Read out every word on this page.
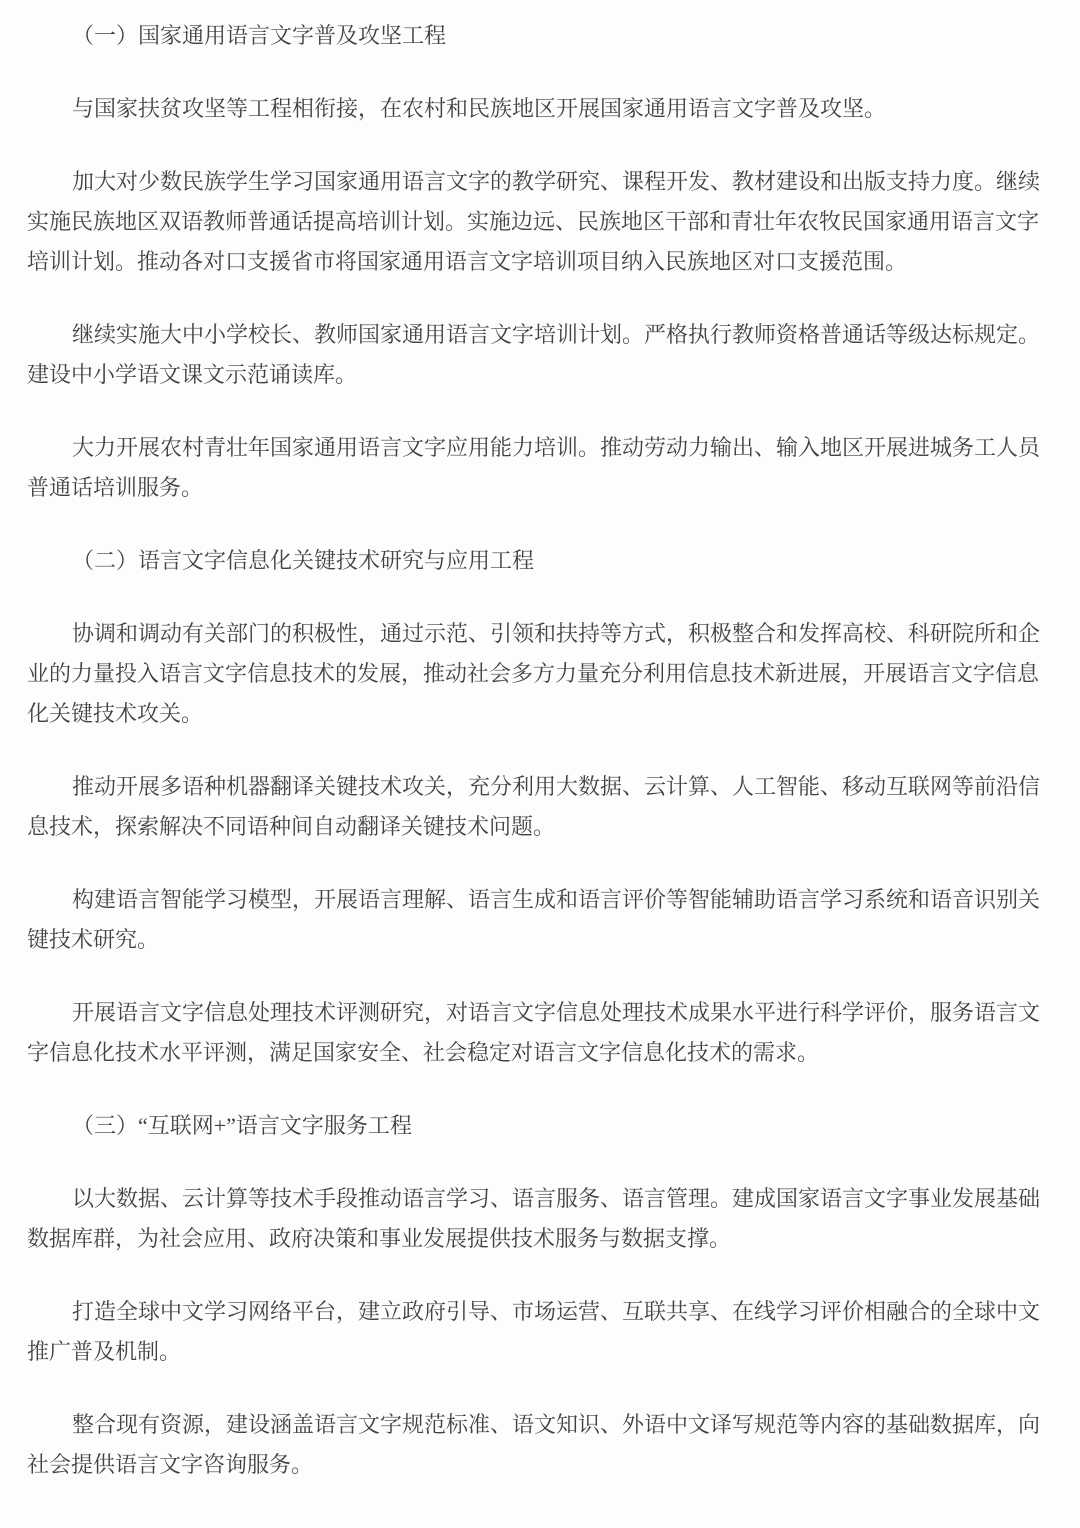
（一）国家通用语言文字普及攻坚工程

与国家扶贫攻坚等工程相衔接，在农村和民族地区开展国家通用语言文字普及攻坚。

加大对少数民族学生学习国家通用语言文字的教学研究、课程开发、教材建设和出版支持力度。继续实施民族地区双语教师普通话提高培训计划。实施边远、民族地区干部和青壮年农牧民国家通用语言文字培训计划。推动各对口支援省市将国家通用语言文字培训项目纳入民族地区对口支援范围。

继续实施大中小学校长、教师国家通用语言文字培训计划。严格执行教师资格普通话等级达标规定。建设中小学语文课文示范诵读库。

大力开展农村青壮年国家通用语言文字应用能力培训。推动劳动力输出、输入地区开展进城务工人员普通话培训服务。

（二）语言文字信息化关键技术研究与应用工程

协调和调动有关部门的积极性，通过示范、引领和扶持等方式，积极整合和发挥高校、科研院所和企业的力量投入语言文字信息技术的发展，推动社会多方力量充分利用信息技术新进展，开展语言文字信息化关键技术攻关。

推动开展多语种机器翻译关键技术攻关，充分利用大数据、云计算、人工智能、移动互联网等前沿信息技术，探索解决不同语种间自动翻译关键技术问题。

构建语言智能学习模型，开展语言理解、语言生成和语言评价等智能辅助语言学习系统和语音识别关键技术研究。

开展语言文字信息处理技术评测研究，对语言文字信息处理技术成果水平进行科学评价，服务语言文字信息化技术水平评测，满足国家安全、社会稳定对语言文字信息化技术的需求。

（三）“互联网+”语言文字服务工程

以大数据、云计算等技术手段推动语言学习、语言服务、语言管理。建成国家语言文字事业发展基础数据库群，为社会应用、政府决策和事业发展提供技术服务与数据支撑。

打造全球中文学习网络平台，建立政府引导、市场运营、互联共享、在线学习评价相融合的全球中文推广普及机制。

整合现有资源，建设涵盖语言文字规范标准、语文知识、外语中文译写规范等内容的基础数据库，向社会提供语言文字咨询服务。
